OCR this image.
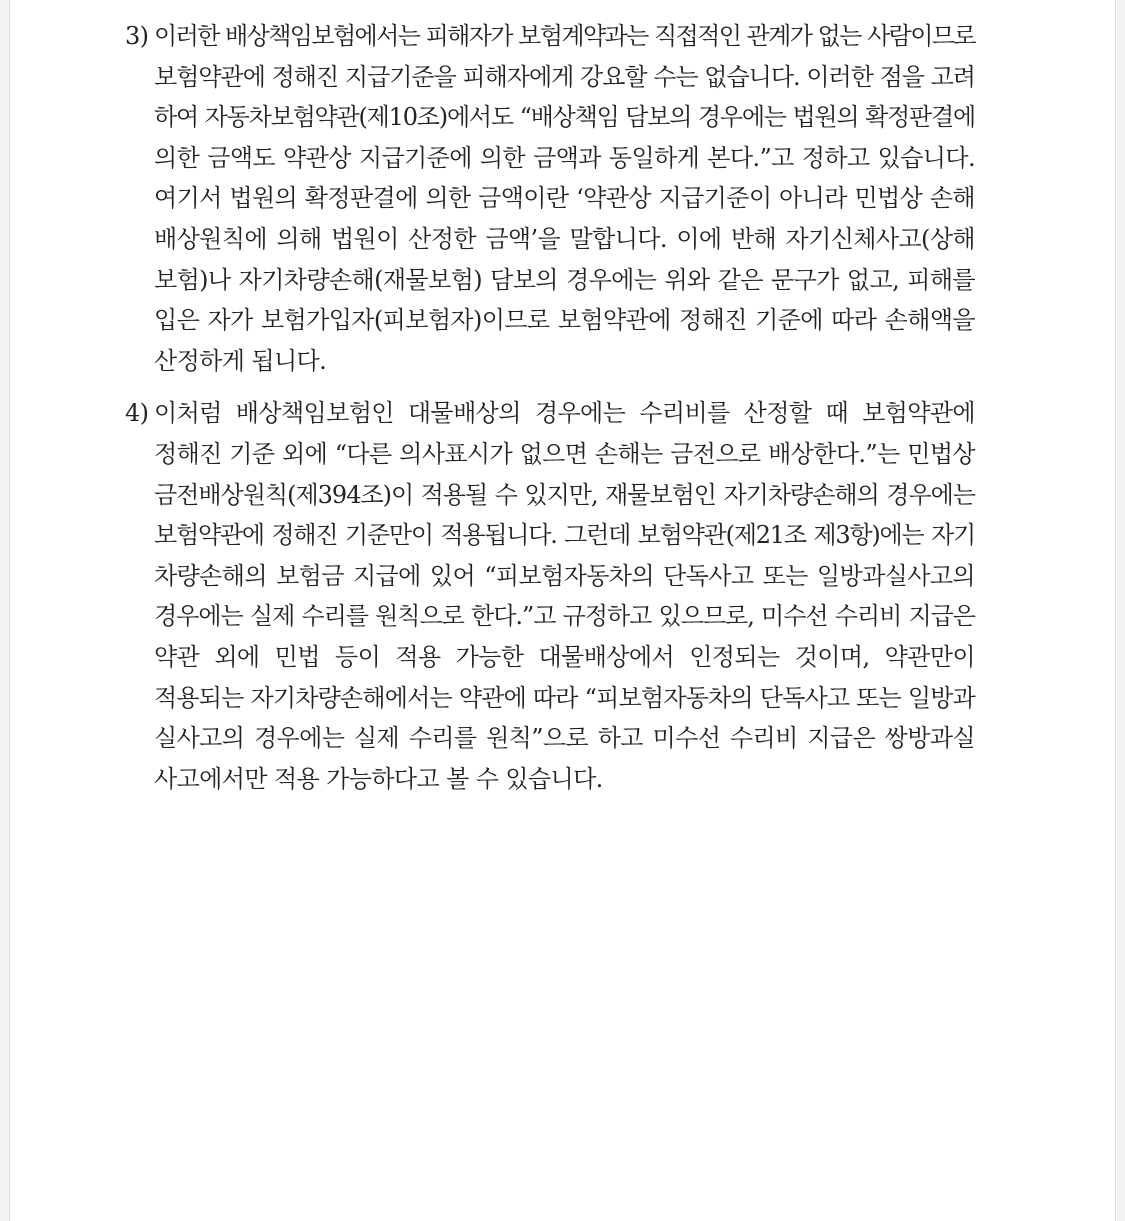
3) 이러한 배상책임보험에서는 피해자가 보험계약과는 직접적인 관계가 없는 사람이므로
보험약관에 정해진 지급기준을 피해자에게 강요할 수는 없습니다. 이러한 점을 고려
하여 자동차보험약관(제10조)에서도 “배상책임 담보의 경우에는 법원의 확정판결에
의한 금액도 약관상 지급기준에 의한 금액과 동일하게 본다.”고 정하고 있습니다.
여기서 법원의 확정판결에 의한 금액이란 ‘약관상 지급기준이 아니라 민법상 손해
배상원칙에 의해 법원이 산정한 금액’을 말합니다. 이에 반해 자기신체사고(상해
보험)나 자기차량손해(재물보험) 담보의 경우에는 위와 같은 문구가 없고, 피해를
입은 자가 보험가입자(피보험자)이므로 보험약관에 정해진 기준에 따라 손해액을
산정하게 됩니다.
4) 이처럼 배상책임보험인 대물배상의 경우에는 수리비를 산정할 때 보험약관에
정해진 기준 외에 “다른 의사표시가 없으면 손해는 금전으로 배상한다.”는 민법상
금전배상원칙(제394조)이 적용될 수 있지만, 재물보험인 자기차량손해의 경우에는
보험약관에 정해진 기준만이 적용됩니다. 그런데 보험약관(제21조 제3항)에는 자기
차량손해의 보험금 지급에 있어 “피보험자동차의 단독사고 또는 일방과실사고의
경우에는 실제 수리를 원칙으로 한다.”고 규정하고 있으므로, 미수선 수리비 지급은
약관 외에 민법 등이 적용 가능한 대물배상에서 인정되는 것이며, 약관만이
적용되는 자기차량손해에서는 약관에 따라 “피보험자동차의 단독사고 또는 일방과
실사고의 경우에는 실제 수리를 원칙”으로 하고 미수선 수리비 지급은 쌍방과실
사고에서만 적용 가능하다고 볼 수 있습니다.
